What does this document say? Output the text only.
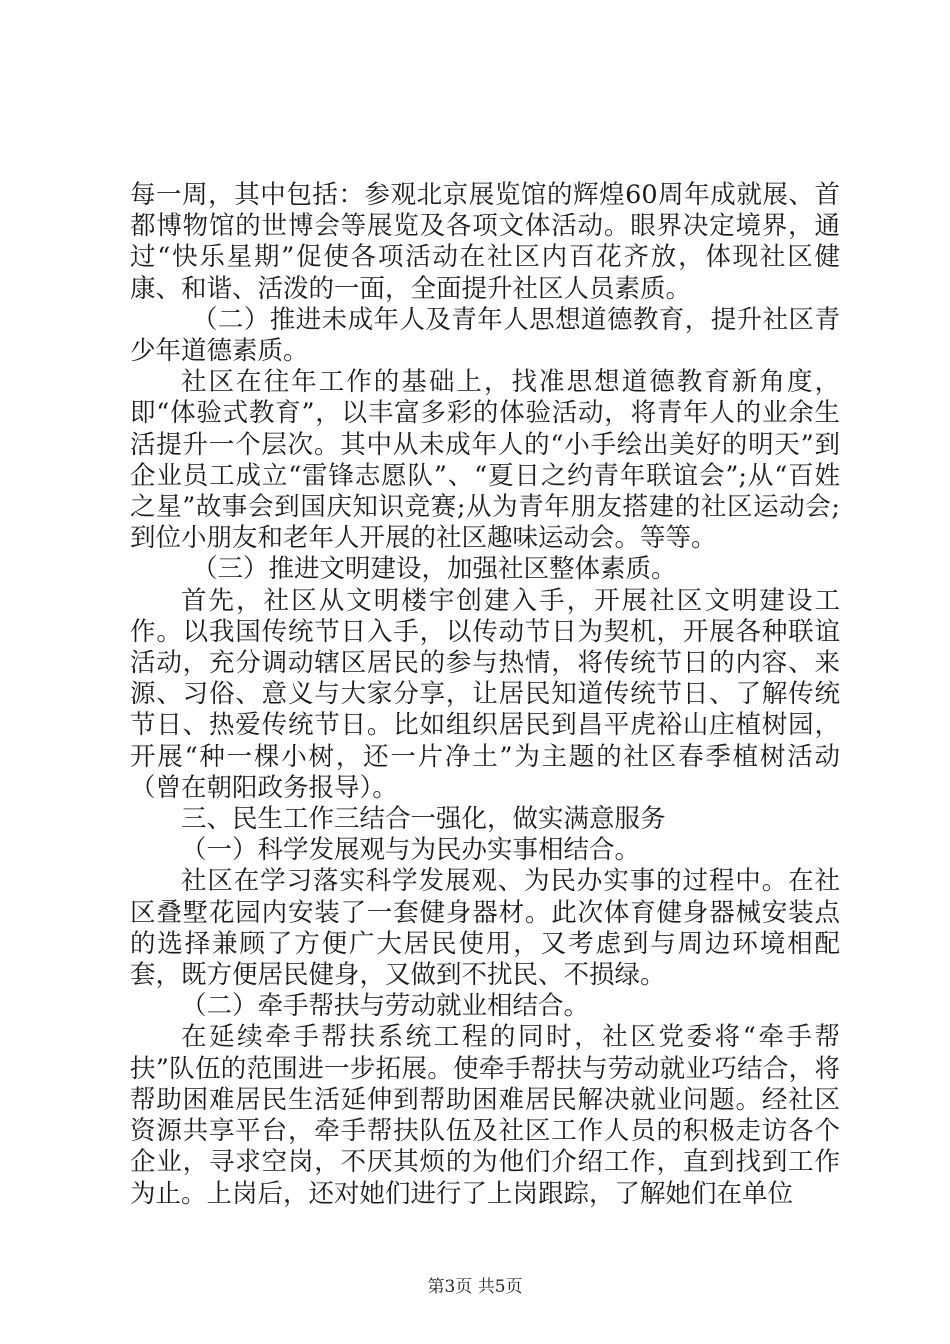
每一周，其中包括：参观北京展览馆的辉煌60周年成就展、首都博物馆的世博会等展览及各项文体活动。眼界决定境界，通过“快乐星期”促使各项活动在社区内百花齐放，体现社区健康、和谐、活泼的一面，全面提升社区人员素质。

（二）推进未成年人及青年人思想道德教育，提升社区青少年道德素质。

社区在往年工作的基础上，找准思想道德教育新角度，即“体验式教育”，以丰富多彩的体验活动，将青年人的业余生活提升一个层次。其中从未成年人的“小手绘出美好的明天”到企业员工成立“雷锋志愿队”、“夏日之约青年联谊会”;从“百姓之星”故事会到国庆知识竞赛;从为青年朋友搭建的社区运动会;到位小朋友和老年人开展的社区趣味运动会。等等。

（三）推进文明建设，加强社区整体素质。

首先，社区从文明楼宇创建入手，开展社区文明建设工作。以我国传统节日入手，以传动节日为契机，开展各种联谊活动，充分调动辖区居民的参与热情，将传统节日的内容、来源、习俗、意义与大家分享，让居民知道传统节日、了解传统节日、热爱传统节日。比如组织居民到昌平虎裕山庄植树园，开展“种一棵小树，还一片净土”为主题的社区春季植树活动（曾在朝阳政务报导）。

三、民生工作三结合一强化，做实满意服务

（一）科学发展观与为民办实事相结合。

社区在学习落实科学发展观、为民办实事的过程中。在社区叠墅花园内安装了一套健身器材。此次体育健身器械安装点的选择兼顾了方便广大居民使用，又考虑到与周边环境相配套，既方便居民健身，又做到不扰民、不损绿。

（二）牵手帮扶与劳动就业相结合。

在延续牵手帮扶系统工程的同时，社区党委将“牵手帮扶”队伍的范围进一步拓展。使牵手帮扶与劳动就业巧结合，将帮助困难居民生活延伸到帮助困难居民解决就业问题。经社区资源共享平台，牵手帮扶队伍及社区工作人员的积极走访各个企业，寻求空岗，不厌其烦的为他们介绍工作，直到找到工作为止。上岗后，还对她们进行了上岗跟踪，了解她们在单位

第3页 共5页
